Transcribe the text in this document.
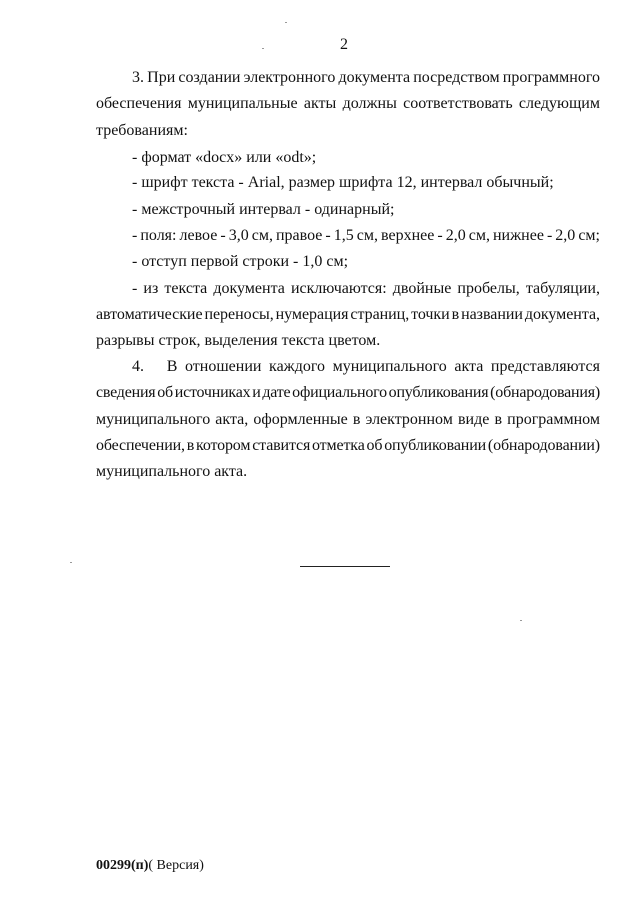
2
3. При создании электронного документа посредством программного
обеспечения муниципальные акты должны соответствовать следующим
требованиям:
- формат «docx» или «odt»;
- шрифт текста - Arial, размер шрифта 12, интервал обычный;
- межстрочный интервал - одинарный;
- поля: левое - 3,0 см, правое - 1,5 см, верхнее - 2,0 см, нижнее - 2,0 см;
- отступ первой строки - 1,0 см;
- из текста документа исключаются: двойные пробелы, табуляции,
автоматические переносы, нумерация страниц, точки в названии документа,
разрывы строк, выделения текста цветом.
4.   В отношении каждого муниципального акта представляются
сведения об источниках и дате официального опубликования (обнародования)
муниципального акта, оформленные в электронном виде в программном
обеспечении, в котором ставится отметка об опубликовании (обнародовании)
муниципального акта.
00299(п)( Версия)
